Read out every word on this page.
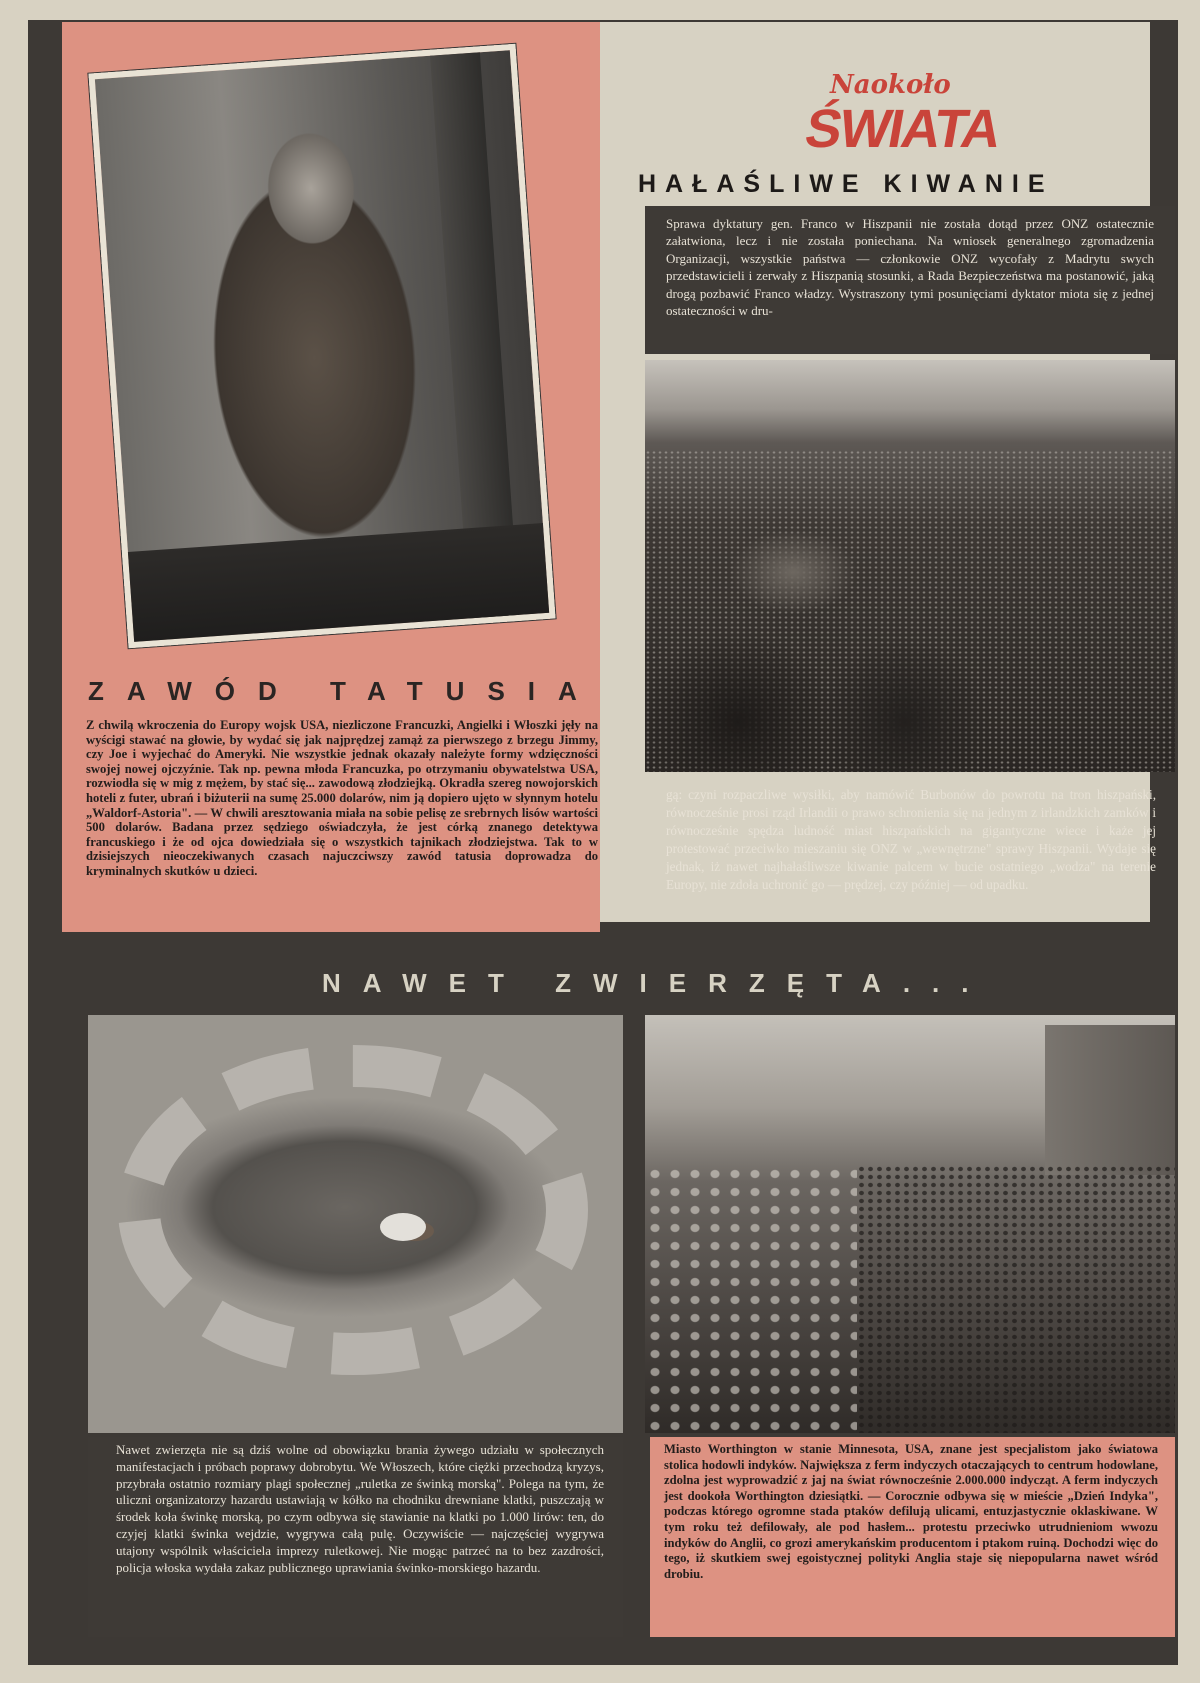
ZAWÓD TATUSIA
Z chwilą wkroczenia do Europy wojsk USA, niezliczone Francuzki, Angielki i Włoszki jęły na wyścigi stawać na głowie, by wydać się jak najprędzej zamąż za pierwszego z brzegu Jimmy, czy Joe i wyjechać do Ameryki. Nie wszystkie jednak okazały należyte formy wdzięczności swojej nowej ojczyźnie. Tak np. pewna młoda Francuzka, po otrzymaniu obywatelstwa USA, rozwiodła się w mig z mężem, by stać się... zawodową złodziejką. Okradła szereg nowojorskich hoteli z futer, ubrań i biżuterii na sumę 25.000 dolarów, nim ją dopiero ujęto w słynnym hotelu „Waldorf-Astoria". — W chwili aresztowania miała na sobie pelisę ze srebrnych lisów wartości 500 dolarów. Badana przez sędziego oświadczyła, że jest córką znanego detektywa francuskiego i że od ojca dowiedziała się o wszystkich tajnikach złodziejstwa. Tak to w dzisiejszych nieoczekiwanych czasach najuczciwszy zawód tatusia doprowadza do kryminalnych skutków u dzieci.
Naokoło
ŚWIATA
HAŁAŚLIWE KIWANIE
Sprawa dyktatury gen. Franco w Hiszpanii nie została dotąd przez ONZ ostatecznie załatwiona, lecz i nie została poniechana. Na wniosek generalnego zgromadzenia Organizacji, wszystkie państwa — członkowie ONZ wycofały z Madrytu swych przedstawicieli i zerwały z Hiszpanią stosunki, a Rada Bezpieczeństwa ma postanowić, jaką drogą pozbawić Franco władzy. Wystraszony tymi posunięciami dyktator miota się z jednej ostateczności w dru-
gą: czyni rozpaczliwe wysiłki, aby namówić Burbonów do powrotu na tron hiszpański, równocześnie prosi rząd Irlandii o prawo schronienia się na jednym z irlandzkich zamków i równocześnie spędza ludność miast hiszpańskich na gigantyczne wiece i każe jej protestować przeciwko mieszaniu się ONZ w „wewnętrzne" sprawy Hiszpanii. Wydaje się jednak, iż nawet najhałaśliwsze kiwanie palcem w bucie ostatniego „wodza" na terenie Europy, nie zdoła uchronić go — prędzej, czy później — od upadku.
NAWET ZWIERZĘTA...
Nawet zwierzęta nie są dziś wolne od obowiązku brania żywego udziału w społecznych manifestacjach i próbach poprawy dobrobytu. We Włoszech, które ciężki przechodzą kryzys, przybrała ostatnio rozmiary plagi społecznej „ruletka ze świnką morską". Polega na tym, że uliczni organizatorzy hazardu ustawiają w kółko na chodniku drewniane klatki, puszczają w środek koła świnkę morską, po czym odbywa się stawianie na klatki po 1.000 lirów: ten, do czyjej klatki świnka wejdzie, wygrywa całą pulę. Oczywiście — najczęściej wygrywa utajony wspólnik właściciela imprezy ruletkowej. Nie mogąc patrzeć na to bez zazdrości, policja włoska wydała zakaz publicznego uprawiania świnko-morskiego hazardu.
Miasto Worthington w stanie Minnesota, USA, znane jest specjalistom jako światowa stolica hodowli indyków. Największa z ferm indyczych otaczających to centrum hodowlane, zdolna jest wyprowadzić z jaj na świat równocześnie 2.000.000 indycząt. A ferm indyczych jest dookoła Worthington dziesiątki. — Corocznie odbywa się w mieście „Dzień Indyka", podczas którego ogromne stada ptaków defilują ulicami, entuzjastycznie oklaskiwane. W tym roku też defilowały, ale pod hasłem... protestu przeciwko utrudnieniom wwozu indyków do Anglii, co grozi amerykańskim producentom i ptakom ruiną. Dochodzi więc do tego, iż skutkiem swej egoistycznej polityki Anglia staje się niepopularna nawet wśród drobiu.
